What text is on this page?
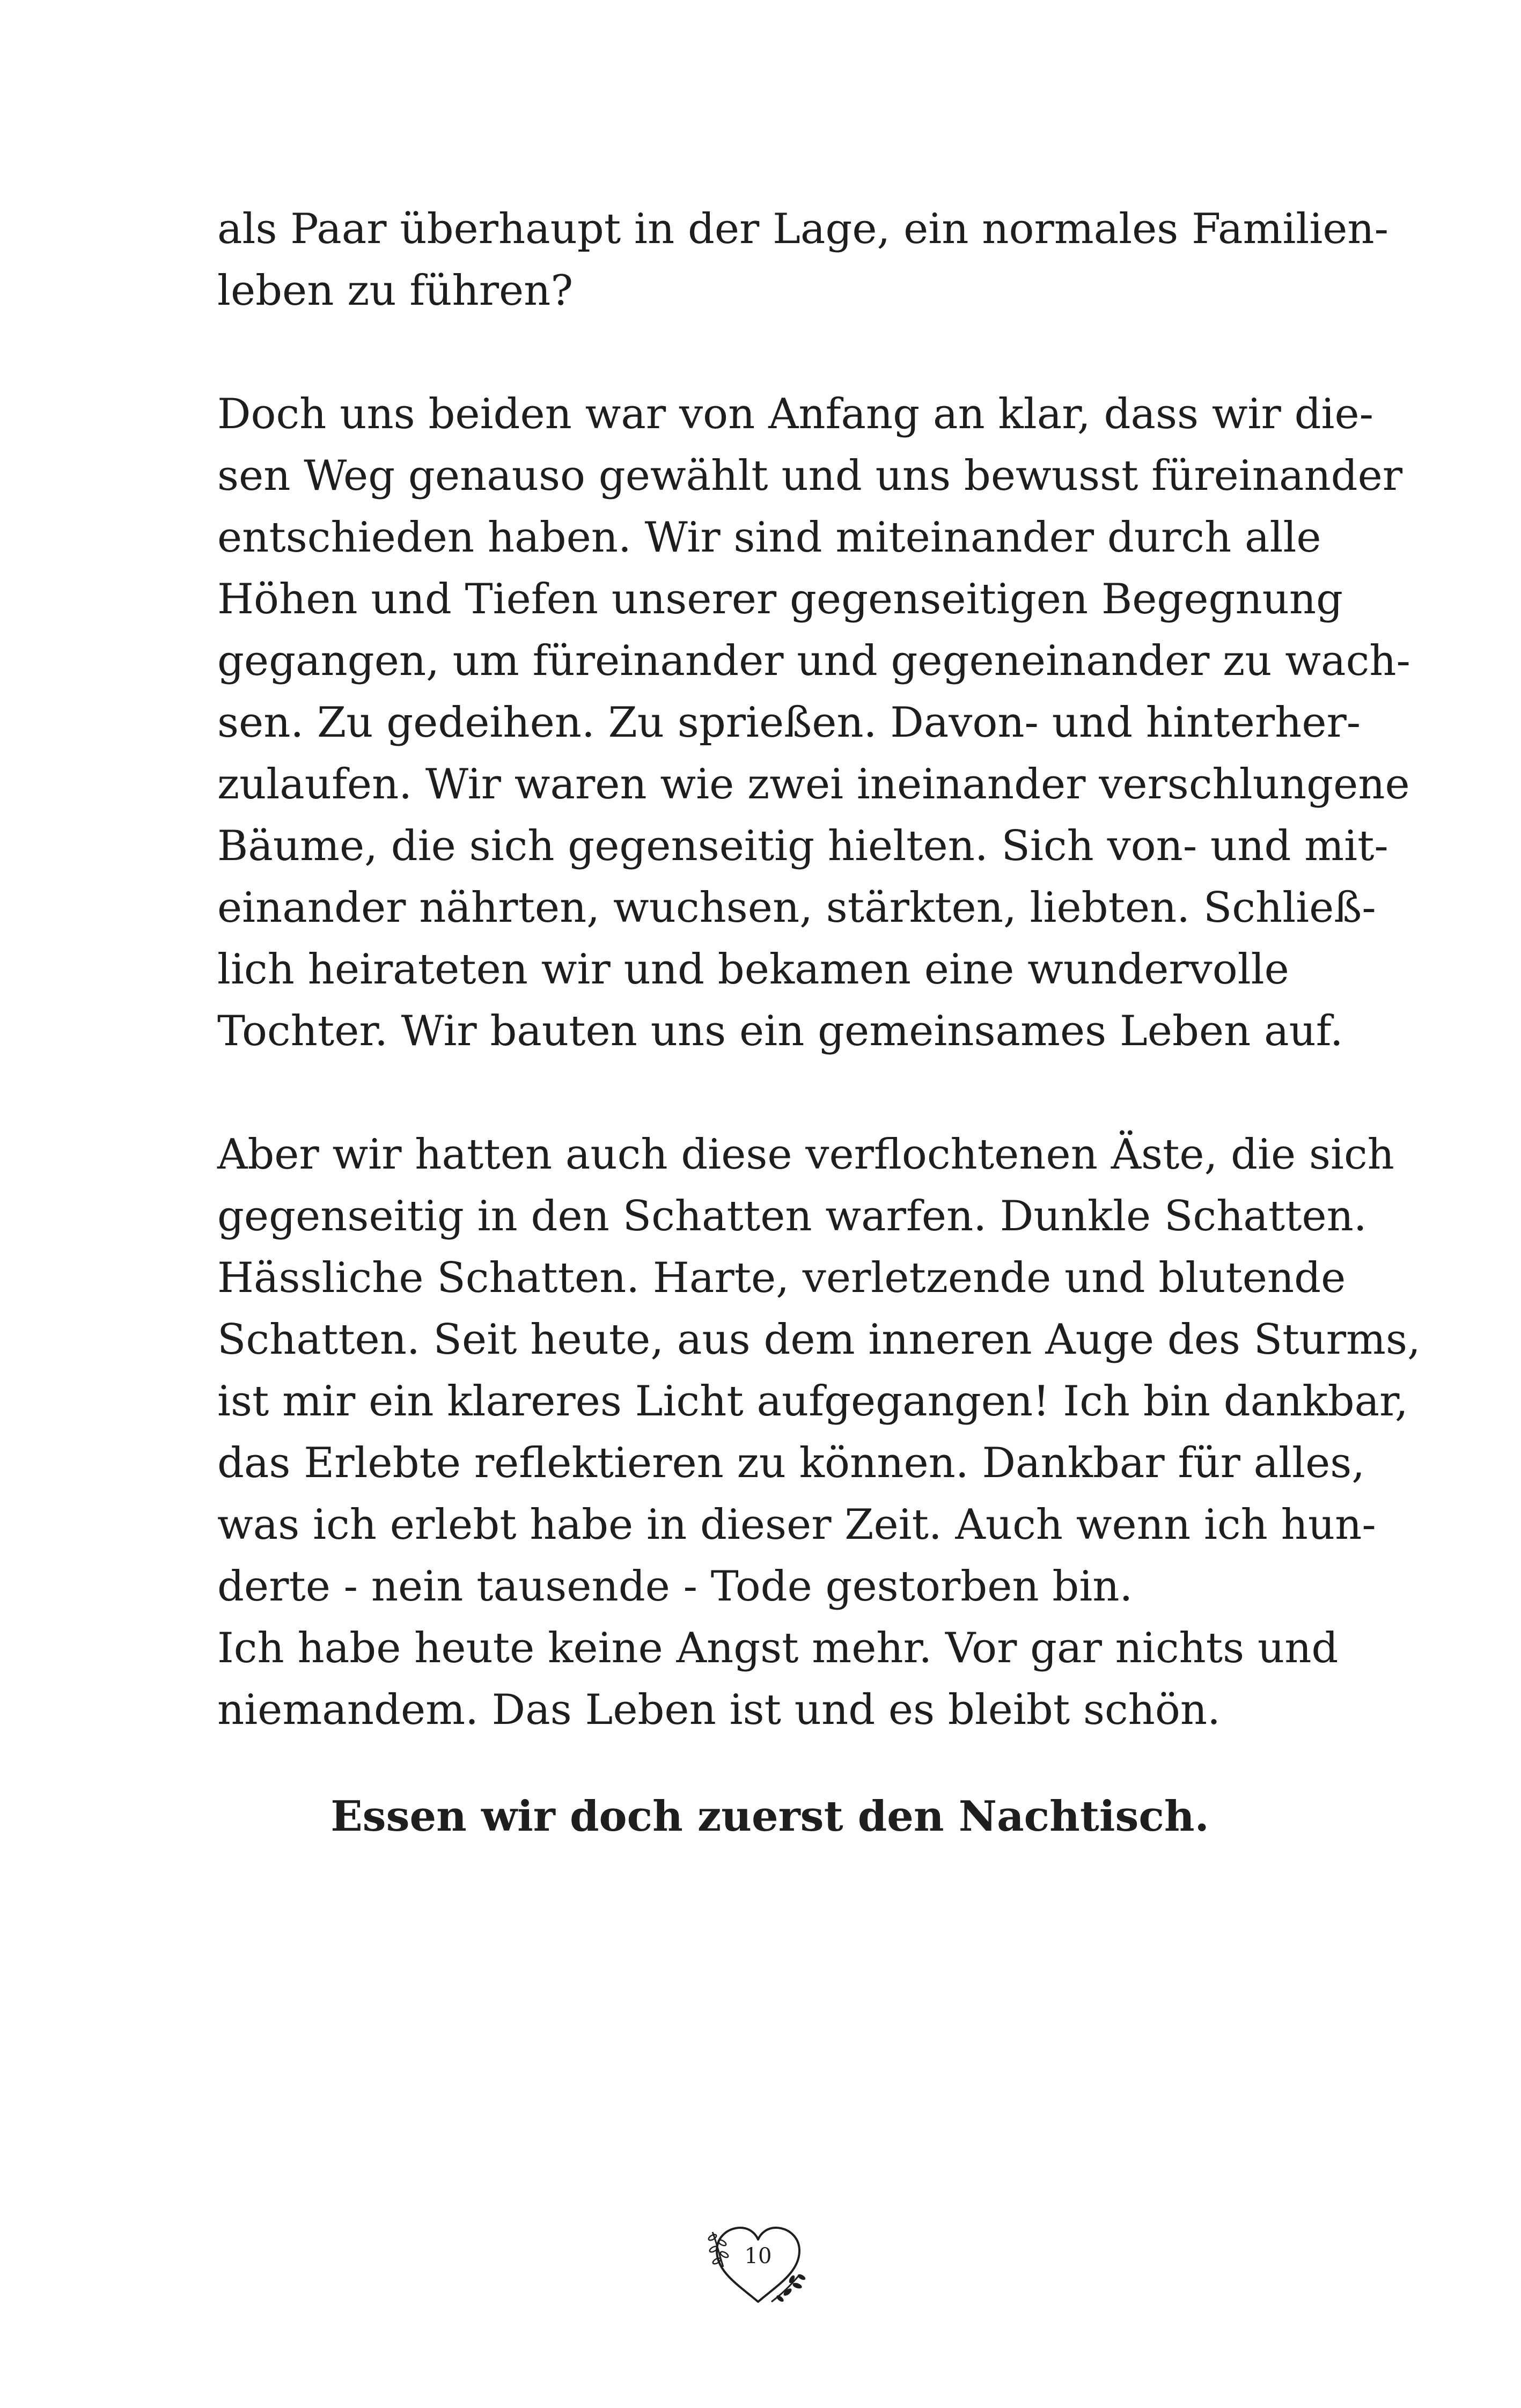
als Paar überhaupt in der Lage, ein normales Familien-
leben zu führen?

Doch uns beiden war von Anfang an klar, dass wir die-
sen Weg genauso gewählt und uns bewusst füreinander
entschieden haben. Wir sind miteinander durch alle
Höhen und Tiefen unserer gegenseitigen Begegnung
gegangen, um füreinander und gegeneinander zu wach-
sen. Zu gedeihen. Zu sprießen. Davon- und hinterher-
zulaufen. Wir waren wie zwei ineinander verschlungene
Bäume, die sich gegenseitig hielten. Sich von- und mit-
einander nährten, wuchsen, stärkten, liebten. Schließ-
lich heirateten wir und bekamen eine wundervolle
Tochter. Wir bauten uns ein gemeinsames Leben auf.

Aber wir hatten auch diese verflochtenen Äste, die sich
gegenseitig in den Schatten warfen. Dunkle Schatten.
Hässliche Schatten. Harte, verletzende und blutende
Schatten. Seit heute, aus dem inneren Auge des Sturms,
ist mir ein klareres Licht aufgegangen! Ich bin dankbar,
das Erlebte reflektieren zu können. Dankbar für alles,
was ich erlebt habe in dieser Zeit. Auch wenn ich hun-
derte - nein tausende - Tode gestorben bin.
Ich habe heute keine Angst mehr. Vor gar nichts und
niemandem. Das Leben ist und es bleibt schön.

Essen wir doch zuerst den Nachtisch.
10
